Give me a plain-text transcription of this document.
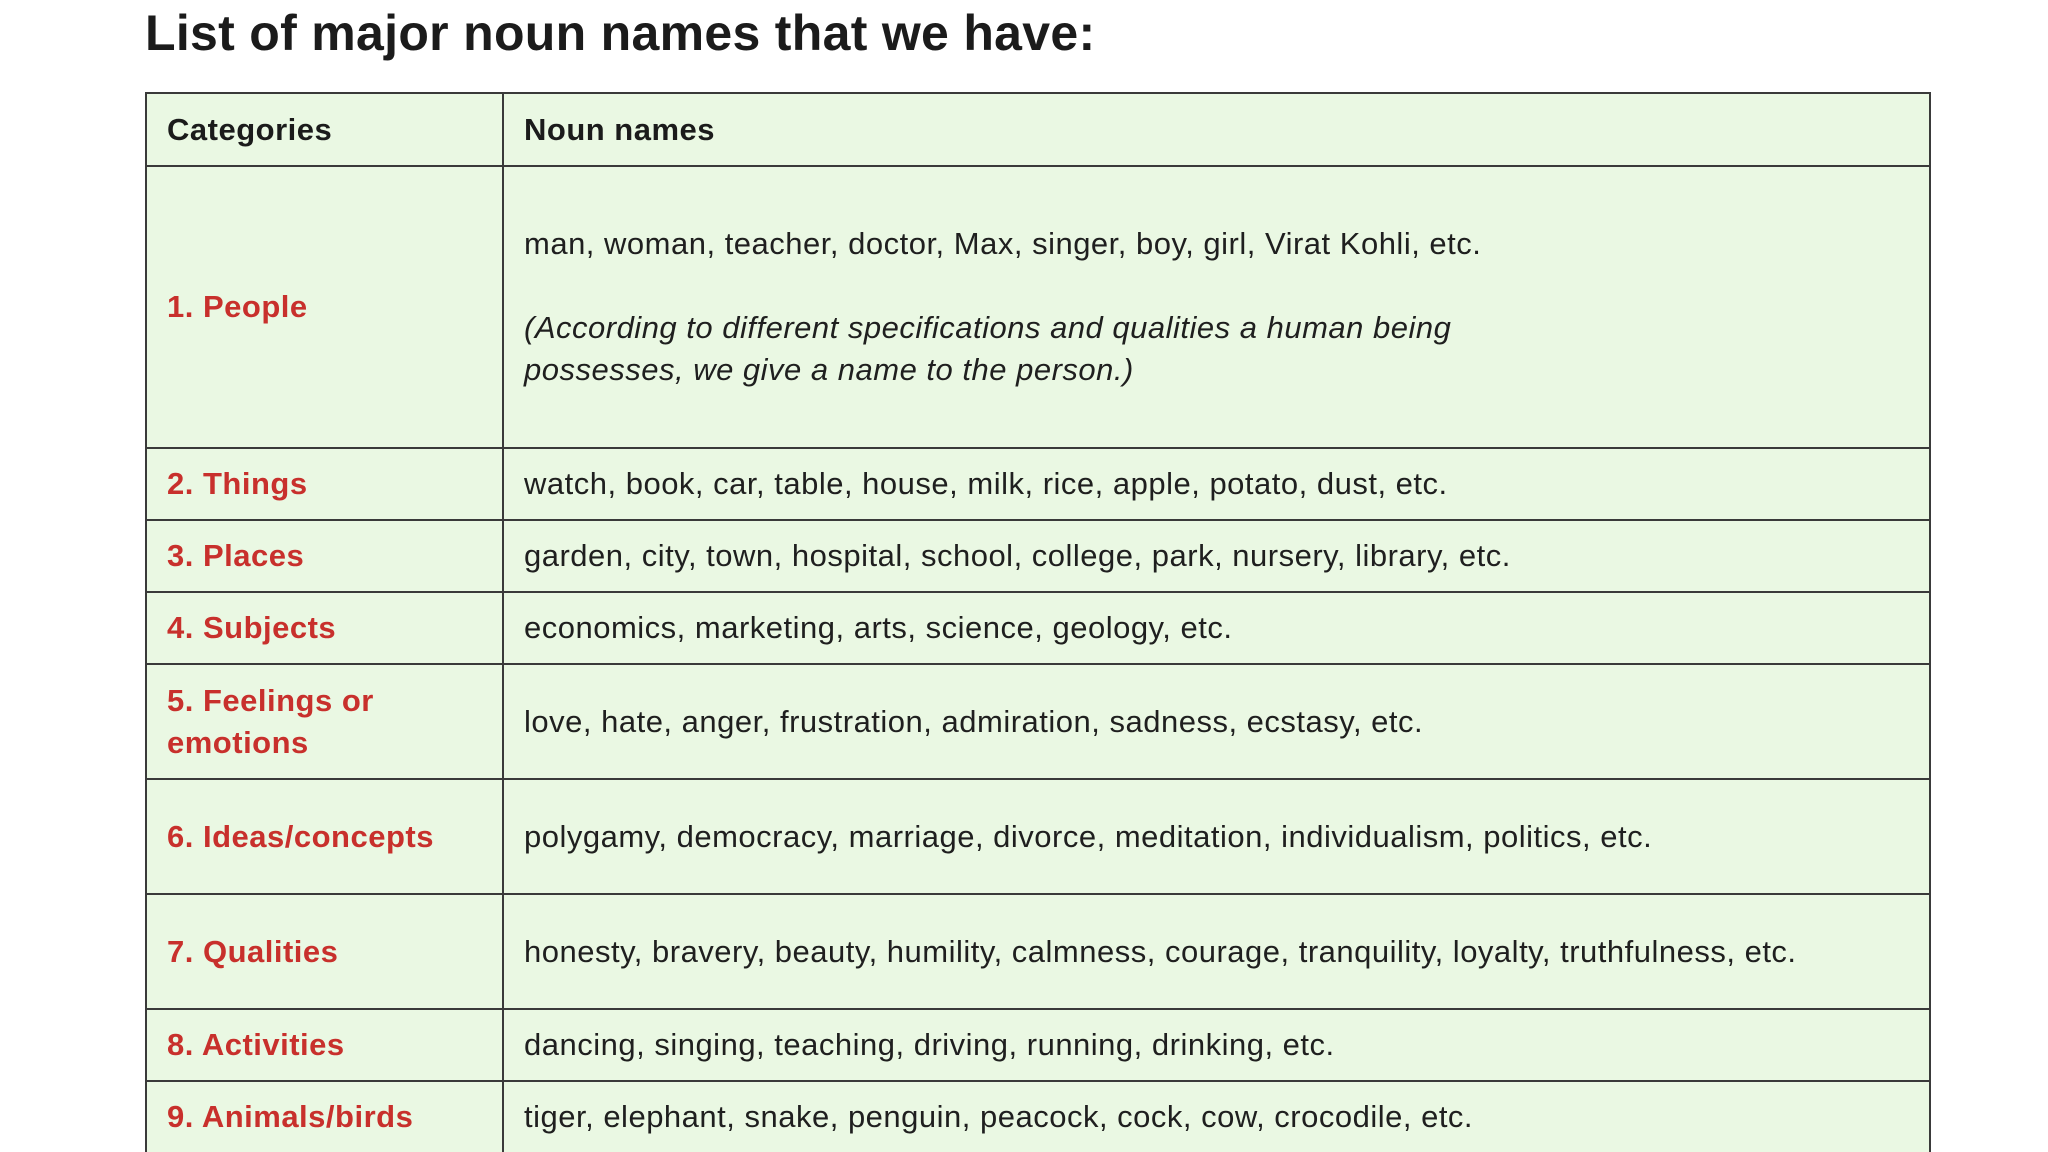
List of major noun names that we have:
Categories	Noun names
1. People	man, woman, teacher, doctor, Max, singer, boy, girl, Virat Kohli, etc.
(According to different specifications and qualities a human being possesses, we give a name to the person.)

2. Things	watch, book, car, table, house, milk, rice, apple, potato, dust, etc.
3. Places	garden, city, town, hospital, school, college, park, nursery, library, etc.
4. Subjects	economics, marketing, arts, science, geology, etc.
5. Feelings or emotions	love, hate, anger, frustration, admiration, sadness, ecstasy, etc.
6. Ideas/concepts	polygamy, democracy, marriage, divorce, meditation, individualism, politics, etc.
7. Qualities	honesty, bravery, beauty, humility, calmness, courage, tranquility, loyalty, truthfulness, etc.
8. Activities	dancing, singing, teaching, driving, running, drinking, etc.
9. Animals/birds	tiger, elephant, snake, penguin, peacock, cock, cow, crocodile, etc.
